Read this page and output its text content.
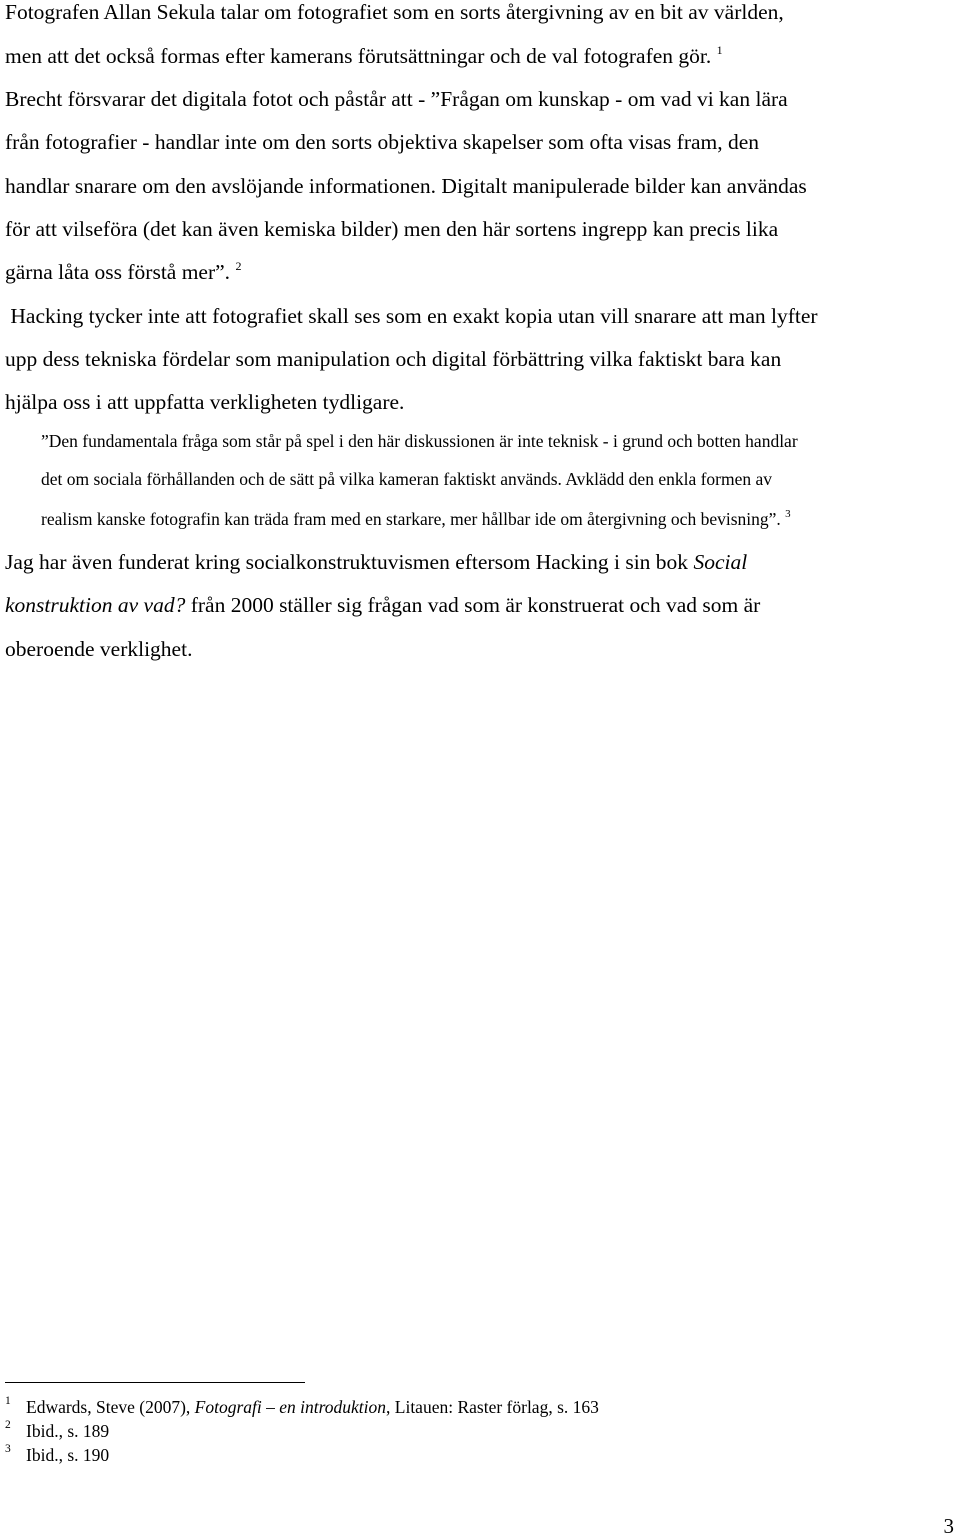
Fotografen Allan Sekula talar om fotografiet som en sorts återgivning av en bit av världen,
men att det också formas efter kamerans förutsättningar och de val fotografen gör. $^1$
Brecht försvarar det digitala fotot och påstår att - ”Frågan om kunskap - om vad vi kan lära
från fotografier - handlar inte om den sorts objektiva skapelser som ofta visas fram, den
handlar snarare om den avslöjande informationen. Digitalt manipulerade bilder kan användas
för att vilseföra (det kan även kemiska bilder) men den här sortens ingrepp kan precis lika
gärna låta oss förstå mer”. $^2$
Hacking tycker inte att fotografiet skall ses som en exakt kopia utan vill snarare att man lyfter
upp dess tekniska fördelar som manipulation och digital förbättring vilka faktiskt bara kan
hjälpa oss i att uppfatta verkligheten tydligare.
”Den fundamentala fråga som står på spel i den här diskussionen är inte teknisk - i grund och botten handlar
det om sociala förhållanden och de sätt på vilka kameran faktiskt används. Avklädd den enkla formen av
realism kanske fotografin kan träda fram med en starkare, mer hållbar ide om återgivning och bevisning”. $^3$
Jag har även funderat kring socialkonstruktuvismen eftersom Hacking i sin bok Social
konstruktion av vad? från 2000 ställer sig frågan vad som är konstruerat och vad som är
oberoende verklighet.
1 Edwards, Steve (2007), Fotografi – en introduktion, Litauen: Raster förlag, s. 163
2 Ibid., s. 189
3 Ibid., s. 190
3
